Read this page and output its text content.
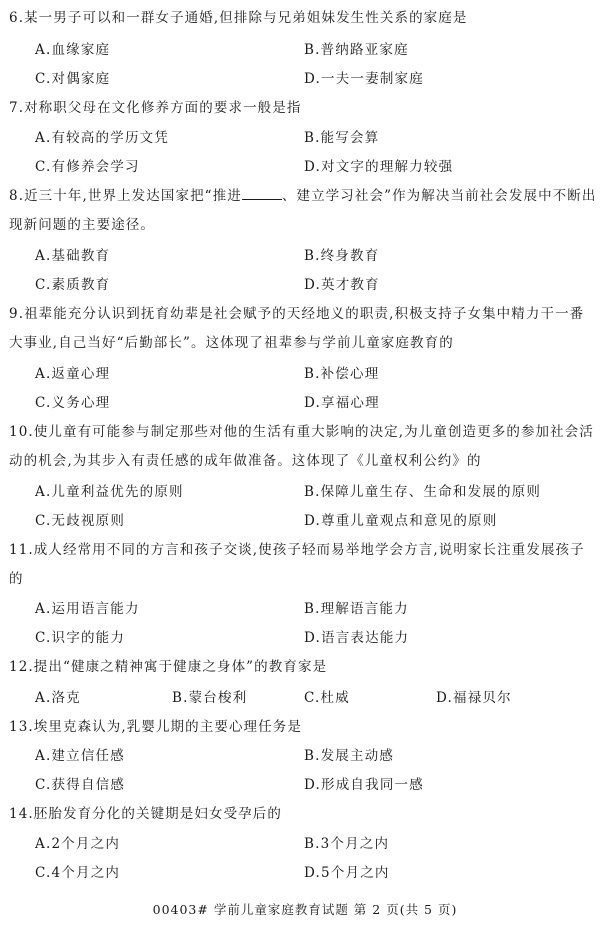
6.某一男子可以和一群女子通婚,但排除与兄弟姐妹发生性关系的家庭是
A.血缘家庭	B.普纳路亚家庭
C.对偶家庭	D.一夫一妻制家庭
7.对称职父母在文化修养方面的要求一般是指
A.有较高的学历文凭	B.能写会算
C.有修养会学习	D.对文字的理解力较强
8.近三十年,世界上发达国家把“推进	、建立学习社会”作为解决当前社会发展中不断出
现新问题的主要途径。
A.基础教育	B.终身教育
C.素质教育	D.英才教育
9.祖辈能充分认识到抚育幼辈是社会赋予的天经地义的职责,积极支持子女集中精力干一番
大事业,自己当好“后勤部长”。这体现了祖辈参与学前儿童家庭教育的
A.返童心理	B.补偿心理
C.义务心理	D.享福心理
10.使儿童有可能参与制定那些对他的生活有重大影响的决定,为儿童创造更多的参加社会活
动的机会,为其步入有责任感的成年做准备。这体现了《儿童权利公约》的
A.儿童利益优先的原则	B.保障儿童生存、生命和发展的原则
C.无歧视原则	D.尊重儿童观点和意见的原则
11.成人经常用不同的方言和孩子交谈,使孩子轻而易举地学会方言,说明家长注重发展孩子
的
A.运用语言能力	B.理解语言能力
C.识字的能力	D.语言表达能力
12.提出“健康之精神寓于健康之身体”的教育家是
A.洛克	B.蒙台梭利	C.杜威	D.福禄贝尔
13.埃里克森认为,乳婴儿期的主要心理任务是
A.建立信任感	B.发展主动感
C.获得自信感	D.形成自我同一感
14.胚胎发育分化的关键期是妇女受孕后的
A.2个月之内	B.3个月之内
C.4个月之内	D.5个月之内
00403# 学前儿童家庭教育试题 第 2 页(共 5 页)
